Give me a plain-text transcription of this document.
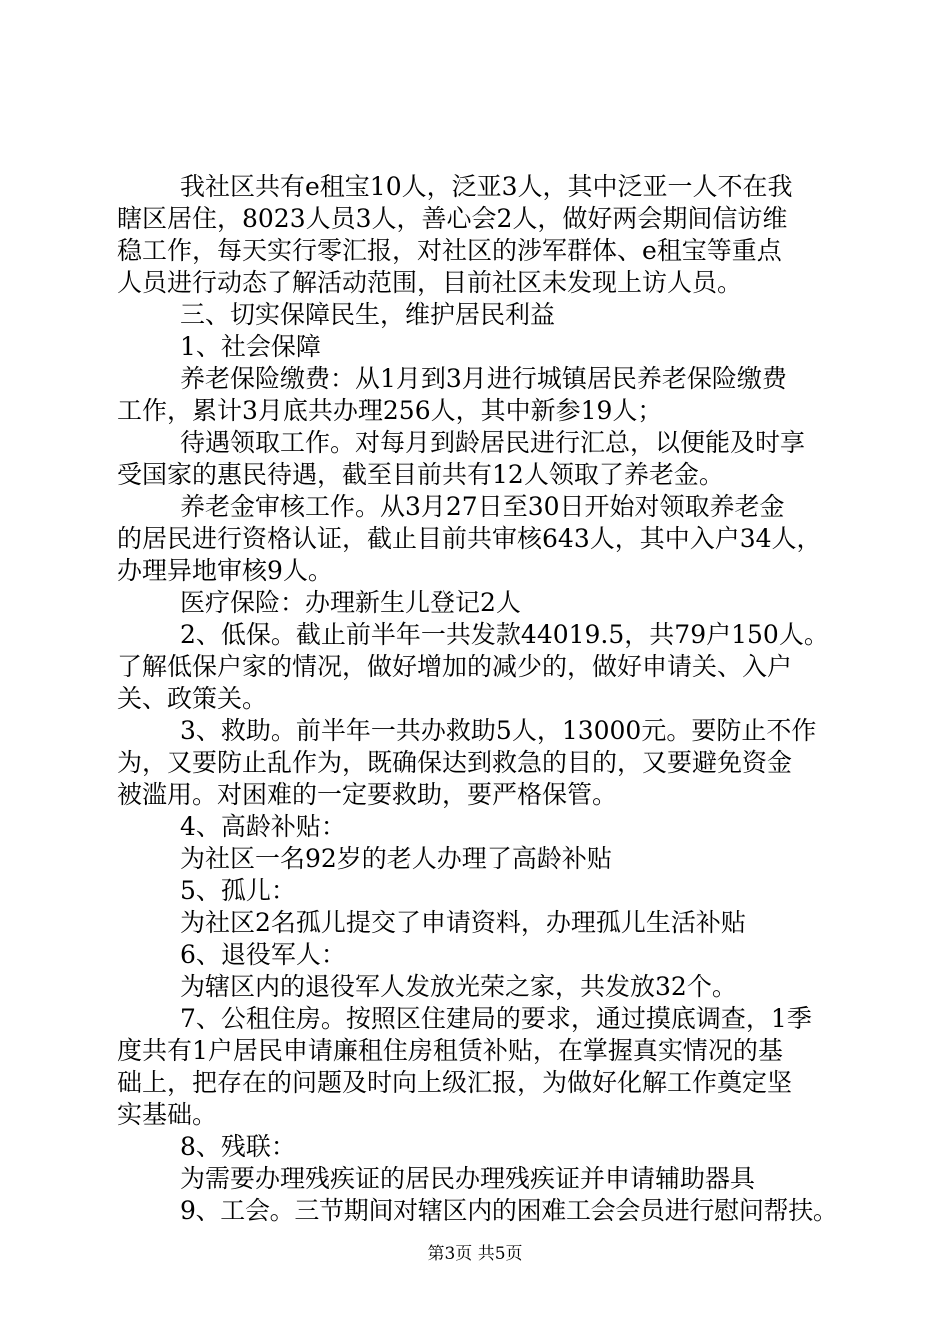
我社区共有e租宝10人，泛亚3人，其中泛亚一人不在我
瞎区居住，8023人员3人，善心会2人，做好两会期间信访维
稳工作，每天实行零汇报，对社区的涉军群体、e租宝等重点
人员进行动态了解活动范围，目前社区未发现上访人员。
三、切实保障民生，维护居民利益
1、社会保障
养老保险缴费：从1月到3月进行城镇居民养老保险缴费
工作，累计3月底共办理256人，其中新参19人；
待遇领取工作。对每月到龄居民进行汇总，以便能及时享
受国家的惠民待遇，截至目前共有12人领取了养老金。
养老金审核工作。从3月27日至30日开始对领取养老金
的居民进行资格认证，截止目前共审核643人，其中入户34人，
办理异地审核9人。
医疗保险：办理新生儿登记2人
2、低保。截止前半年一共发款44019.5，共79户150人。
了解低保户家的情况，做好增加的减少的，做好申请关、入户
关、政策关。
3、救助。前半年一共办救助5人，13000元。要防止不作
为，又要防止乱作为，既确保达到救急的目的，又要避免资金
被滥用。对困难的一定要救助，要严格保管。
4、高龄补贴：
为社区一名92岁的老人办理了高龄补贴
5、孤儿：
为社区2名孤儿提交了申请资料，办理孤儿生活补贴
6、退役军人：
为辖区内的退役军人发放光荣之家，共发放32个。
7、公租住房。按照区住建局的要求，通过摸底调查，1季
度共有1户居民申请廉租住房租赁补贴，在掌握真实情况的基
础上，把存在的问题及时向上级汇报，为做好化解工作奠定坚
实基础。
8、残联：
为需要办理残疾证的居民办理残疾证并申请辅助器具
9、工会。三节期间对辖区内的困难工会会员进行慰问帮扶。
第3页 共5页
